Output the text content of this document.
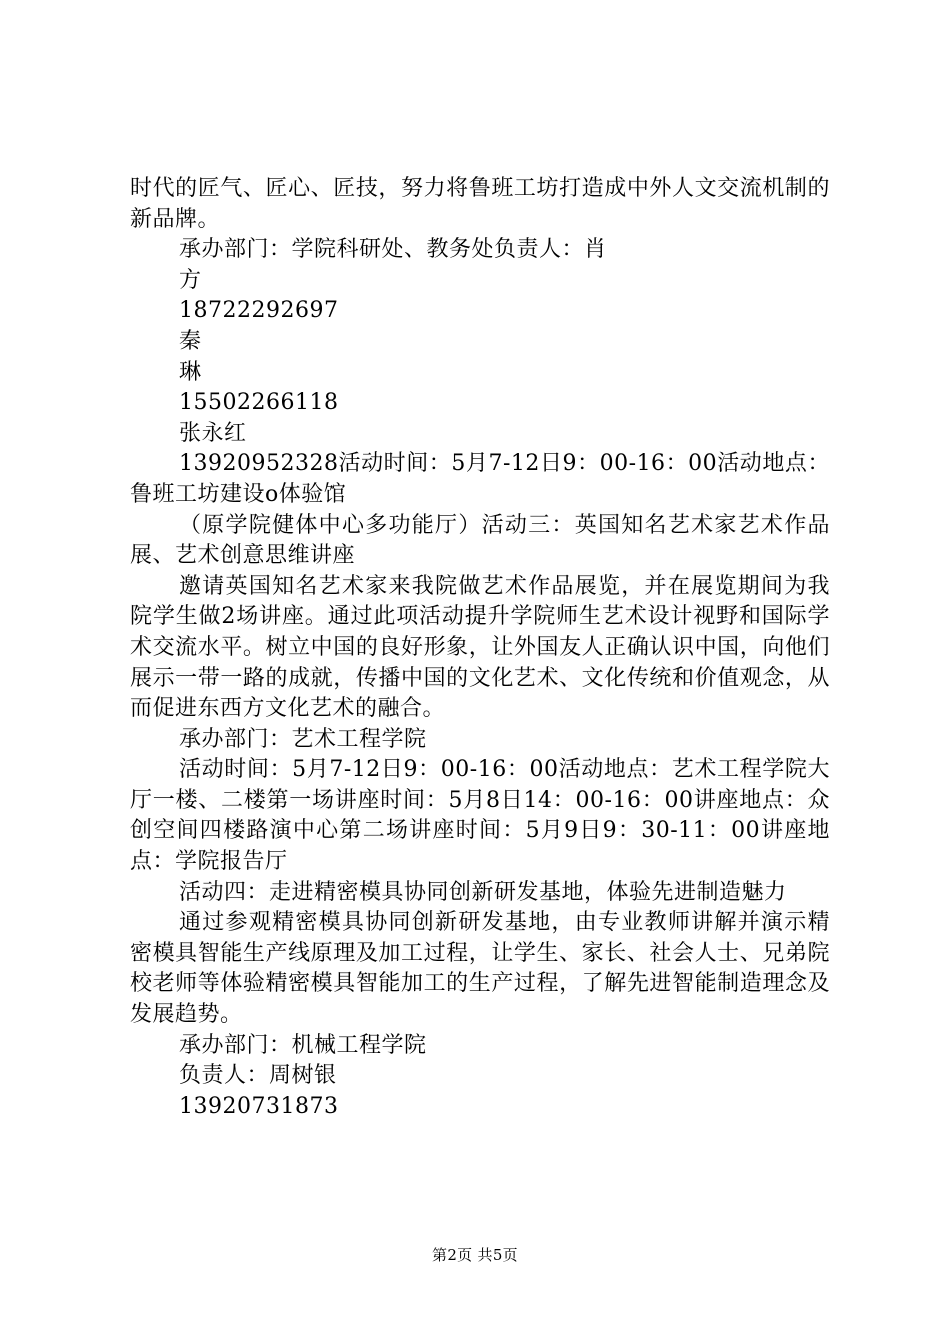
时代的匠气、匠心、匠技，努力将鲁班工坊打造成中外人文交流机制的新品牌。

承办部门：学院科研处、教务处负责人：肖

方

18722292697

秦

琳

15502266118

张永红

13920952328活动时间：5月7-12日9：00-16：00活动地点：鲁班工坊建设o体验馆

（原学院健体中心多功能厅）活动三：英国知名艺术家艺术作品展、艺术创意思维讲座

邀请英国知名艺术家来我院做艺术作品展览，并在展览期间为我院学生做2场讲座。通过此项活动提升学院师生艺术设计视野和国际学术交流水平。树立中国的良好形象，让外国友人正确认识中国，向他们展示一带一路的成就，传播中国的文化艺术、文化传统和价值观念，从而促进东西方文化艺术的融合。

承办部门：艺术工程学院

活动时间：5月7-12日9：00-16：00活动地点：艺术工程学院大厅一楼、二楼第一场讲座时间：5月8日14：00-16：00讲座地点：众创空间四楼路演中心第二场讲座时间：5月9日9：30-11：00讲座地点：学院报告厅

活动四：走进精密模具协同创新研发基地，体验先进制造魅力

通过参观精密模具协同创新研发基地，由专业教师讲解并演示精密模具智能生产线原理及加工过程，让学生、家长、社会人士、兄弟院校老师等体验精密模具智能加工的生产过程，了解先进智能制造理念及发展趋势。

承办部门：机械工程学院

负责人：周树银

13920731873

第2页 共5页
